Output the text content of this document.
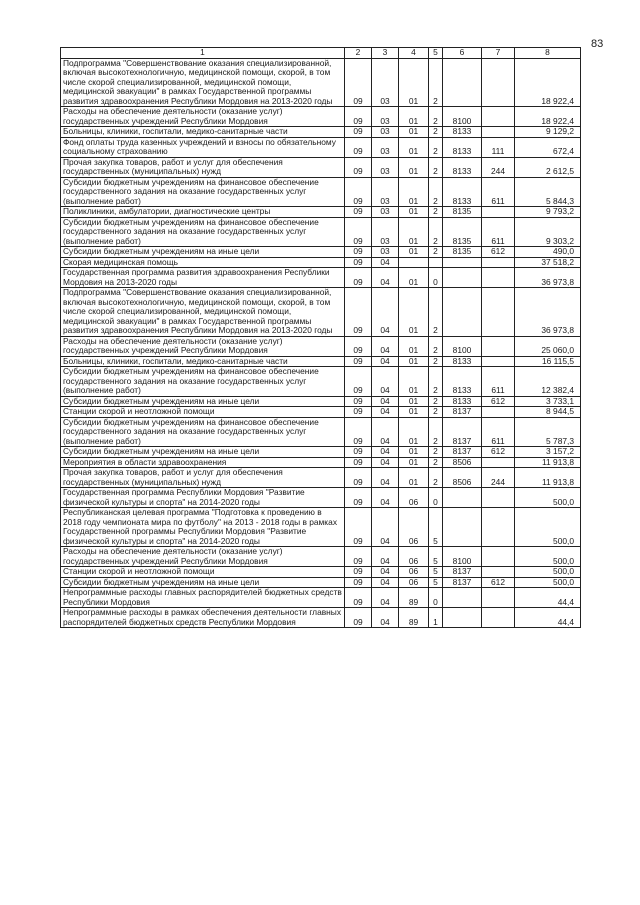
83
1	2	3	4	5	6	7	8
Подпрограмма "Совершенствование оказания специализированной, включая высокотехнологичную, медицинской помощи, скорой, в том числе скорой специализированной, медицинской помощи, медицинской эвакуации" в рамках Государственной программы развития здравоохранения Республики Мордовия на 2013-2020 годы	09	03	01	2			18 922,4
Расходы на обеспечение деятельности (оказание услуг) государственных учреждений Республики Мордовия	09	03	01	2	8100		18 922,4
Больницы, клиники, госпитали, медико-санитарные части	09	03	01	2	8133		9 129,2
Фонд оплаты труда казенных учреждений и взносы по обязательному социальному страхованию	09	03	01	2	8133	111	672,4
Прочая закупка товаров, работ и услуг для обеспечения государственных (муниципальных) нужд	09	03	01	2	8133	244	2 612,5
Субсидии бюджетным учреждениям на финансовое обеспечение государственного задания на оказание государственных услуг (выполнение работ)	09	03	01	2	8133	611	5 844,3
Поликлиники, амбулатории, диагностические центры	09	03	01	2	8135		9 793,2
Субсидии бюджетным учреждениям на финансовое обеспечение государственного задания на оказание государственных услуг (выполнение работ)	09	03	01	2	8135	611	9 303,2
Субсидии бюджетным учреждениям на иные цели	09	03	01	2	8135	612	490,0
Скорая медицинская помощь	09	04					37 518,2
Государственная программа развития здравоохранения Республики Мордовия на 2013-2020 годы	09	04	01	0			36 973,8
Подпрограмма "Совершенствование оказания специализированной, включая высокотехнологичную, медицинской помощи, скорой, в том числе скорой специализированной, медицинской помощи, медицинской эвакуации" в рамках Государственной программы развития здравоохранения Республики Мордовия на 2013-2020 годы	09	04	01	2			36 973,8
Расходы на обеспечение деятельности (оказание услуг) государственных учреждений Республики Мордовия	09	04	01	2	8100		25 060,0
Больницы, клиники, госпитали, медико-санитарные части	09	04	01	2	8133		16 115,5
Субсидии бюджетным учреждениям на финансовое обеспечение государственного задания на оказание государственных услуг (выполнение работ)	09	04	01	2	8133	611	12 382,4
Субсидии бюджетным учреждениям на иные цели	09	04	01	2	8133	612	3 733,1
Станции скорой и неотложной помощи	09	04	01	2	8137		8 944,5
Субсидии бюджетным учреждениям на финансовое обеспечение государственного задания на оказание государственных услуг (выполнение работ)	09	04	01	2	8137	611	5 787,3
Субсидии бюджетным учреждениям на иные цели	09	04	01	2	8137	612	3 157,2
Мероприятия в области здравоохранения	09	04	01	2	8506		11 913,8
Прочая закупка товаров, работ и услуг для обеспечения государственных (муниципальных) нужд	09	04	01	2	8506	244	11 913,8
Государственная программа Республики Мордовия "Развитие физической культуры и спорта" на 2014-2020 годы	09	04	06	0			500,0
Республиканская целевая программа "Подготовка к проведению в 2018 году чемпионата мира по футболу" на 2013 - 2018 годы в рамках Государственной программы Республики Мордовия "Развитие физической культуры и спорта" на 2014-2020 годы	09	04	06	5			500,0
Расходы на обеспечение деятельности (оказание услуг) государственных учреждений Республики Мордовия	09	04	06	5	8100		500,0
Станции скорой и неотложной помощи	09	04	06	5	8137		500,0
Субсидии бюджетным учреждениям на иные цели	09	04	06	5	8137	612	500,0
Непрограммные расходы главных распорядителей бюджетных средств Республики Мордовия	09	04	89	0			44,4
Непрограммные расходы в рамках обеспечения деятельности главных распорядителей бюджетных средств Республики Мордовия	09	04	89	1			44,4
